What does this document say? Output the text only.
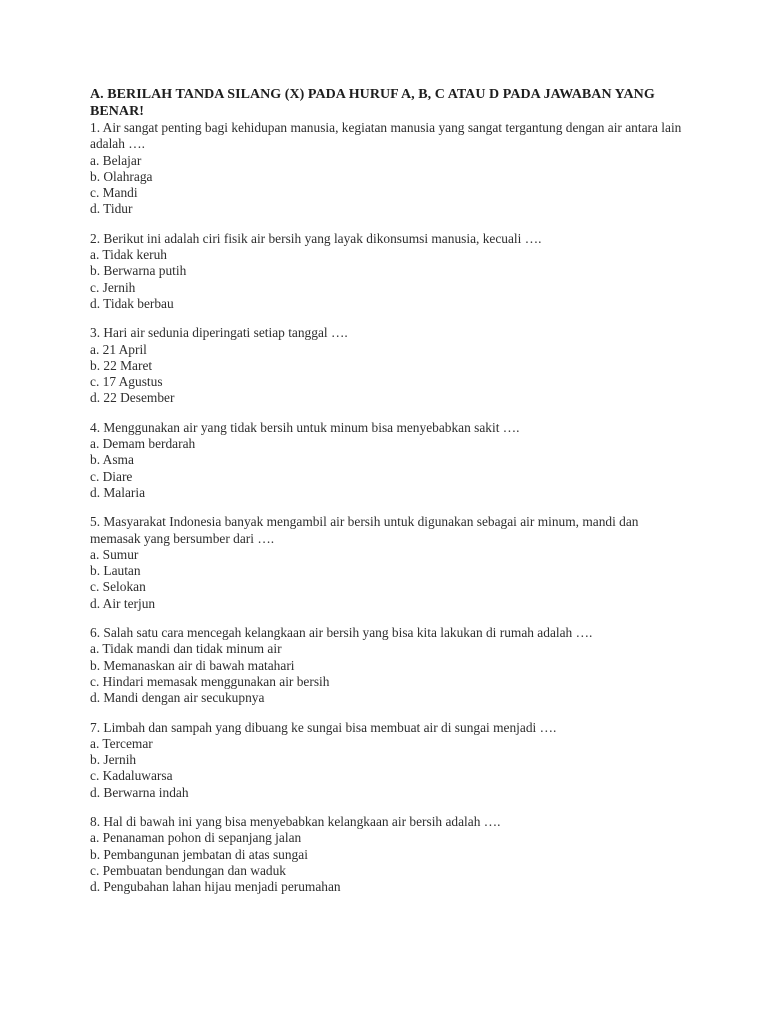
A. BERILAH TANDA SILANG (X) PADA HURUF A, B, C ATAU D PADA JAWABAN YANG BENAR!
1. Air sangat penting bagi kehidupan manusia, kegiatan manusia yang sangat tergantung dengan air antara lain adalah ….
a. Belajar
b. Olahraga
c. Mandi
d. Tidur
2. Berikut ini adalah ciri fisik air bersih yang layak dikonsumsi manusia, kecuali ….
a. Tidak keruh
b. Berwarna putih
c. Jernih
d. Tidak berbau
3. Hari air sedunia diperingati setiap tanggal ….
a. 21 April
b. 22 Maret
c. 17 Agustus
d. 22 Desember
4. Menggunakan air yang tidak bersih untuk minum bisa menyebabkan sakit ….
a. Demam berdarah
b. Asma
c. Diare
d. Malaria
5. Masyarakat Indonesia banyak mengambil air bersih untuk digunakan sebagai air minum, mandi dan memasak yang bersumber dari ….
a. Sumur
b. Lautan
c. Selokan
d. Air terjun
6. Salah satu cara mencegah kelangkaan air bersih yang bisa kita lakukan di rumah adalah ….
a. Tidak mandi dan tidak minum air
b. Memanaskan air di bawah matahari
c. Hindari memasak menggunakan air bersih
d. Mandi dengan air secukupnya
7. Limbah dan sampah yang dibuang ke sungai bisa membuat air di sungai menjadi ….
a. Tercemar
b. Jernih
c. Kadaluwarsa
d. Berwarna indah
8. Hal di bawah ini yang bisa menyebabkan kelangkaan air bersih adalah ….
a. Penanaman pohon di sepanjang jalan
b. Pembangunan jembatan di atas sungai
c. Pembuatan bendungan dan waduk
d. Pengubahan lahan hijau menjadi perumahan
